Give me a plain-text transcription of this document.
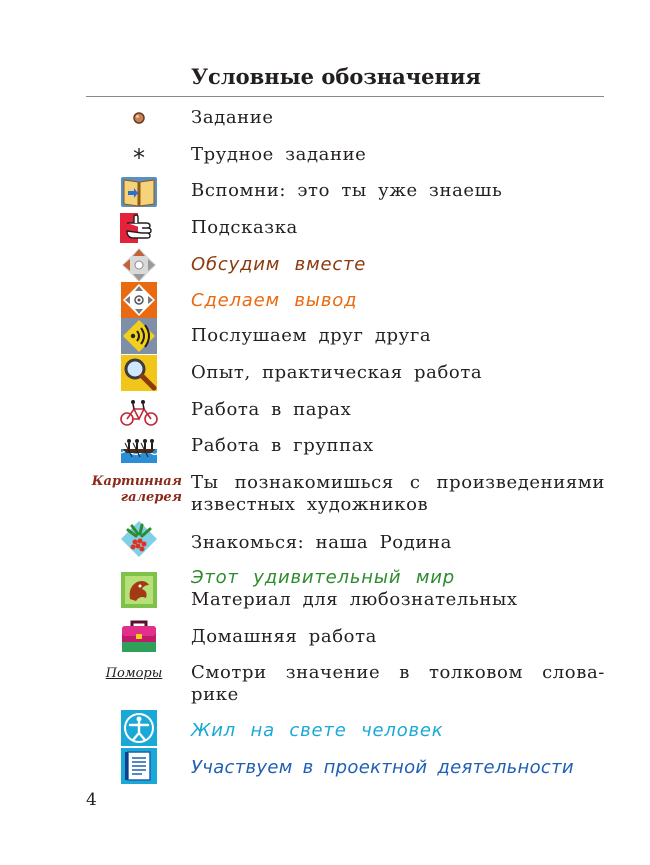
Условные обозначения
Задание
*	Трудное задание
Вспомни: это ты уже знаешь
Подсказка
Обсудим вместе
Сделаем вывод
Послушаем друг друга
Опыт, практическая работа
Работа в парах
Работа в группах
Картинная галерея
Ты познакомишься с произведениями известных художников
Знакомься: наша Родина
Этот удивительный мир
Материал для любознательных
Домашняя работа
Поморы	Смотри значение в толковом слова-рике
Жил на свете человек
Участвуем в проектной деятельности
4
